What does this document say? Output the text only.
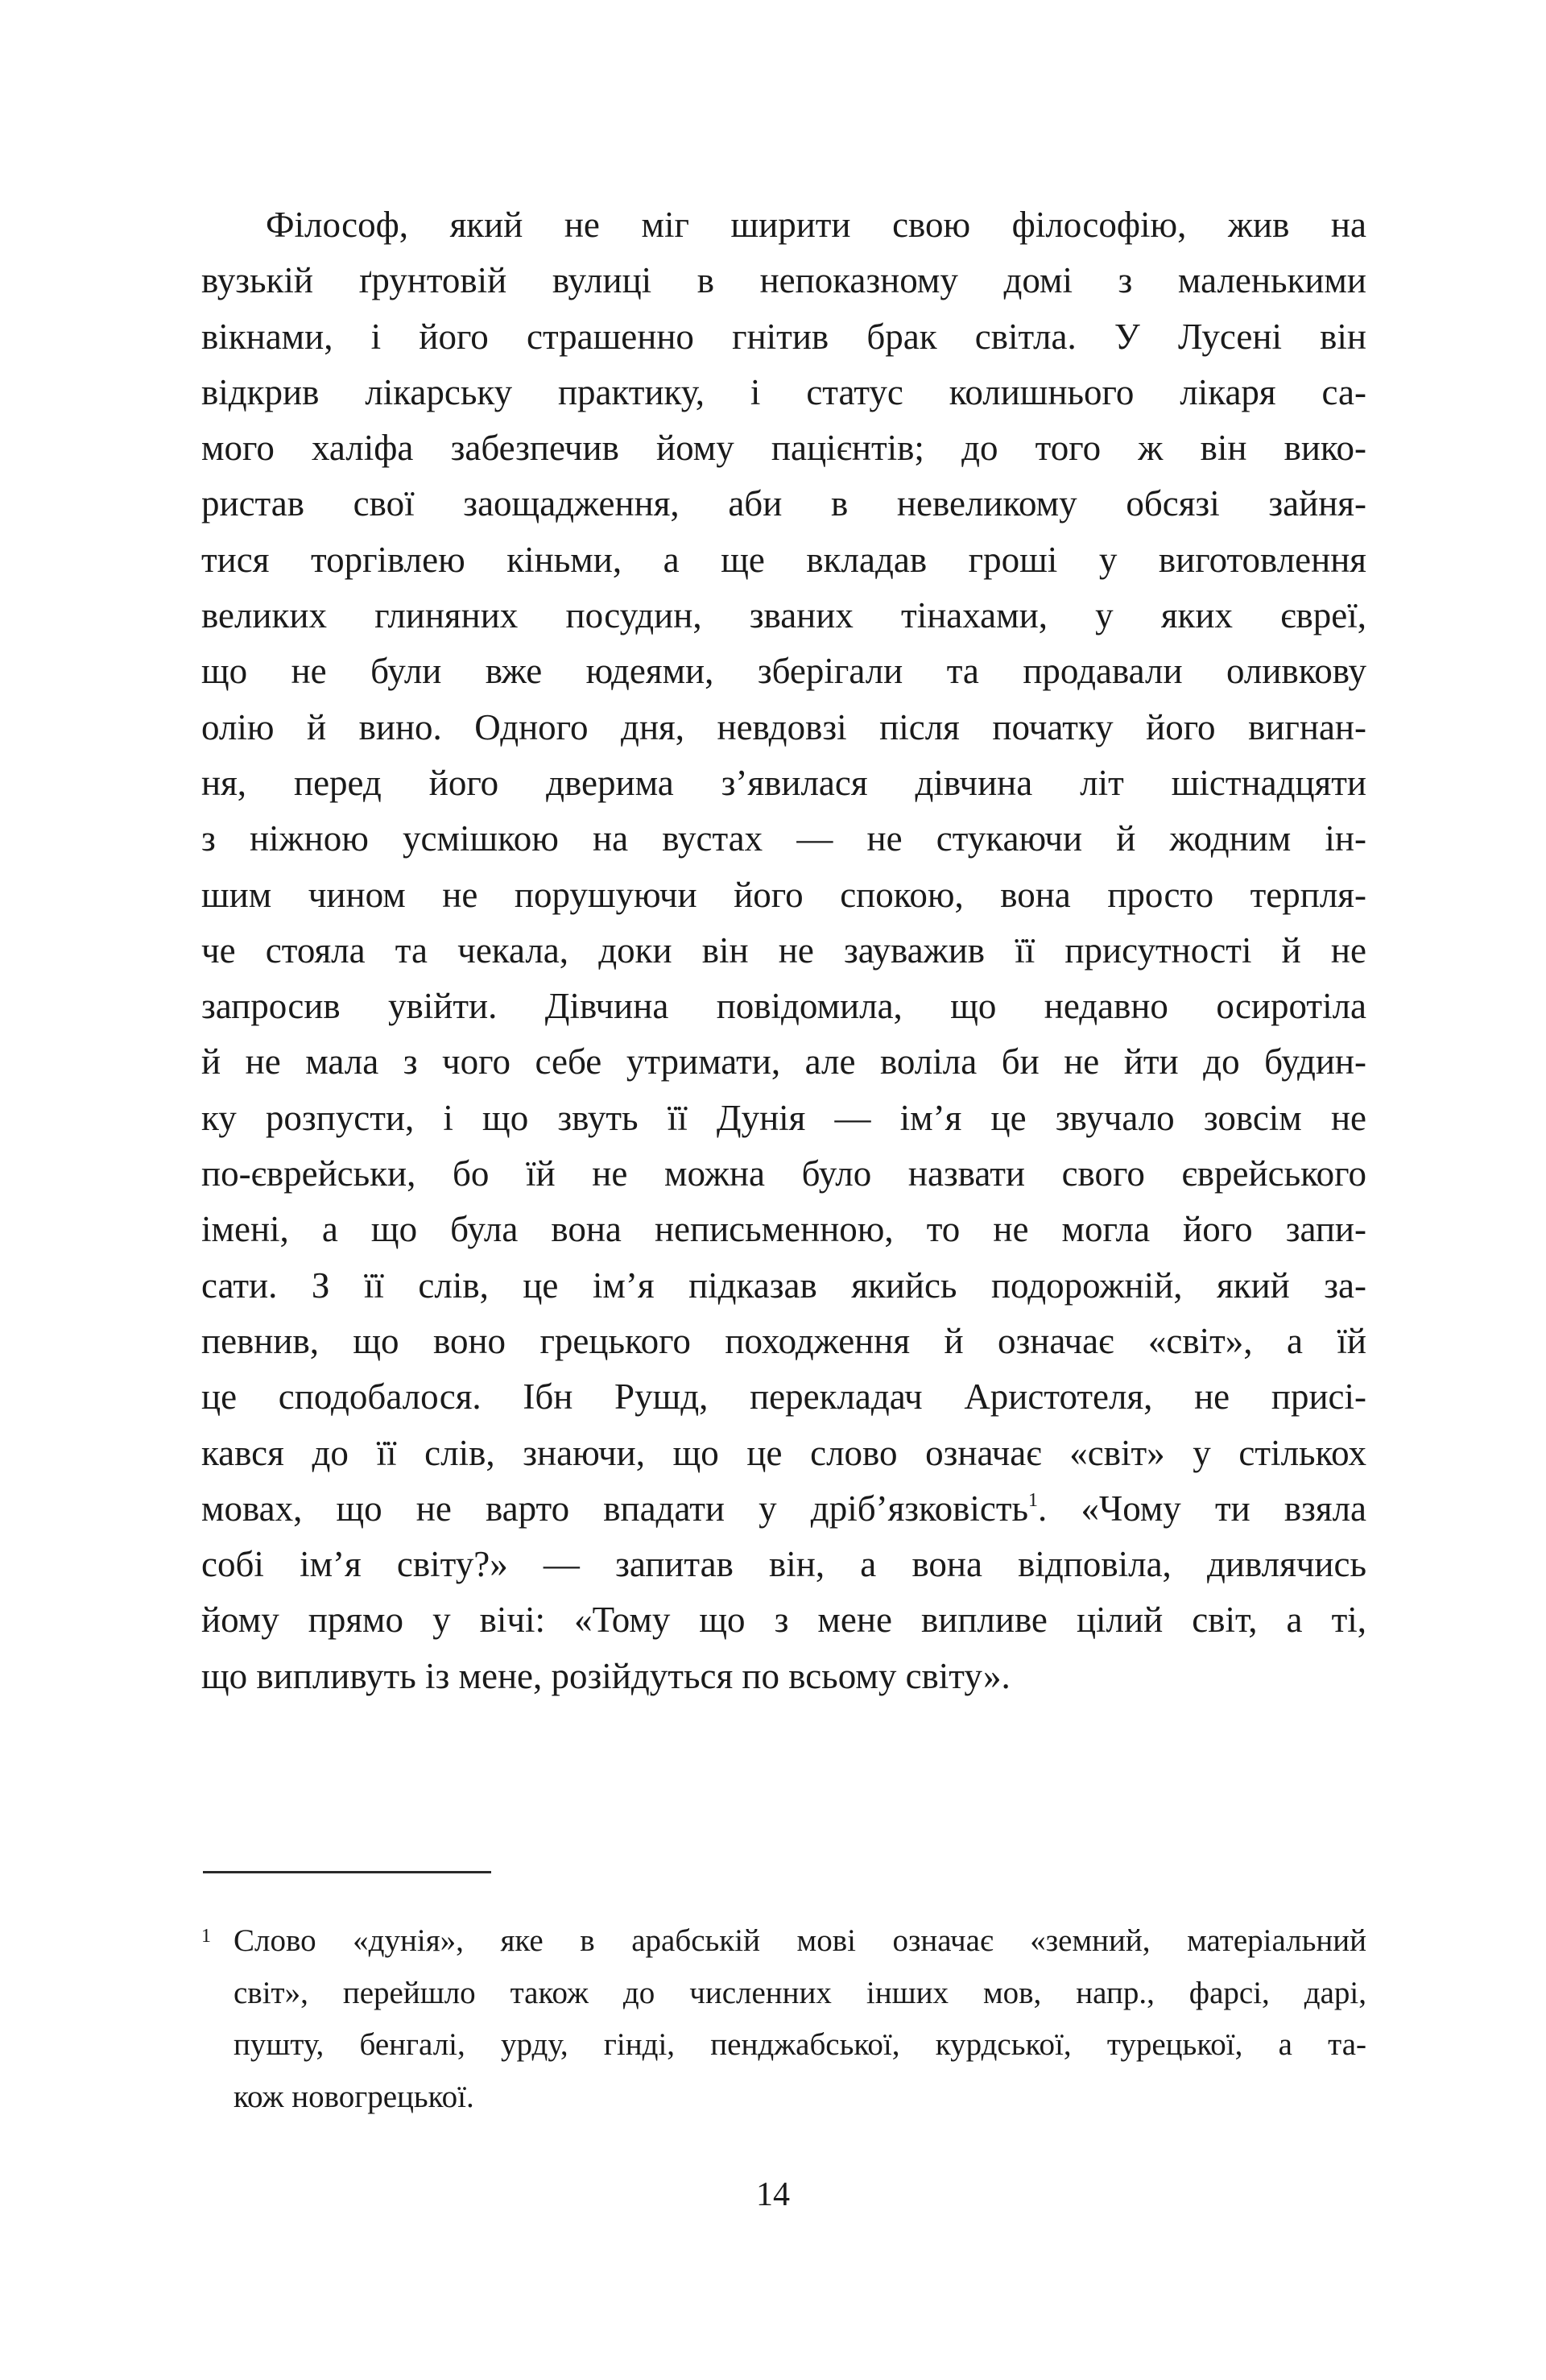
Філософ, який не міг ширити свою філософію, жив на
вузькій ґрунтовій вулиці в непоказному домі з маленькими
вікнами, і його страшенно гнітив брак світла. У Лусені він
відкрив лікарську практику, і статус колишнього лікаря са-
мого халіфа забезпечив йому пацієнтів; до того ж він вико-
ристав свої заощадження, аби в невеликому обсязі зайня-
тися торгівлею кіньми, а ще вкладав гроші у виготовлення
великих глиняних посудин, званих тінахами, у яких євреї,
що не були вже юдеями, зберігали та продавали оливкову
олію й вино. Одного дня, невдовзі після початку його вигнан-
ня, перед його дверима з’явилася дівчина літ шістнадцяти
з ніжною усмішкою на вустах — не стукаючи й жодним ін-
шим чином не порушуючи його спокою, вона просто терпля-
че стояла та чекала, доки він не зауважив її присутності й не
запросив увійти. Дівчина повідомила, що недавно осиротіла
й не мала з чого себе утримати, але воліла би не йти до будин-
ку розпусти, і що звуть її Дунія — ім’я це звучало зовсім не
по-єврейськи, бо їй не можна було назвати свого єврейського
імені, а що була вона неписьменною, то не могла його запи-
сати. З її слів, це ім’я підказав якийсь подорожній, який за-
певнив, що воно грецького походження й означає «світ», а їй
це сподобалося. Ібн Рушд, перекладач Аристотеля, не присі-
кався до її слів, знаючи, що це слово означає «світ» у стількох
мовах, що не варто впадати у дріб’язковість$^1$. «Чому ти взяла
собі ім’я світу?» — запитав він, а вона відповіла, дивлячись
йому прямо у вічі: «Тому що з мене випливе цілий світ, а ті,
що випливуть із мене, розійдуться по всьому світу».
1 Слово «дунія», яке в арабській мові означає «земний, матеріальний
світ», перейшло також до численних інших мов, напр., фарсі, дарі,
пушту, бенгалі, урду, гінді, пенджабської, курдської, турецької, а та-
кож новогрецької.
14
